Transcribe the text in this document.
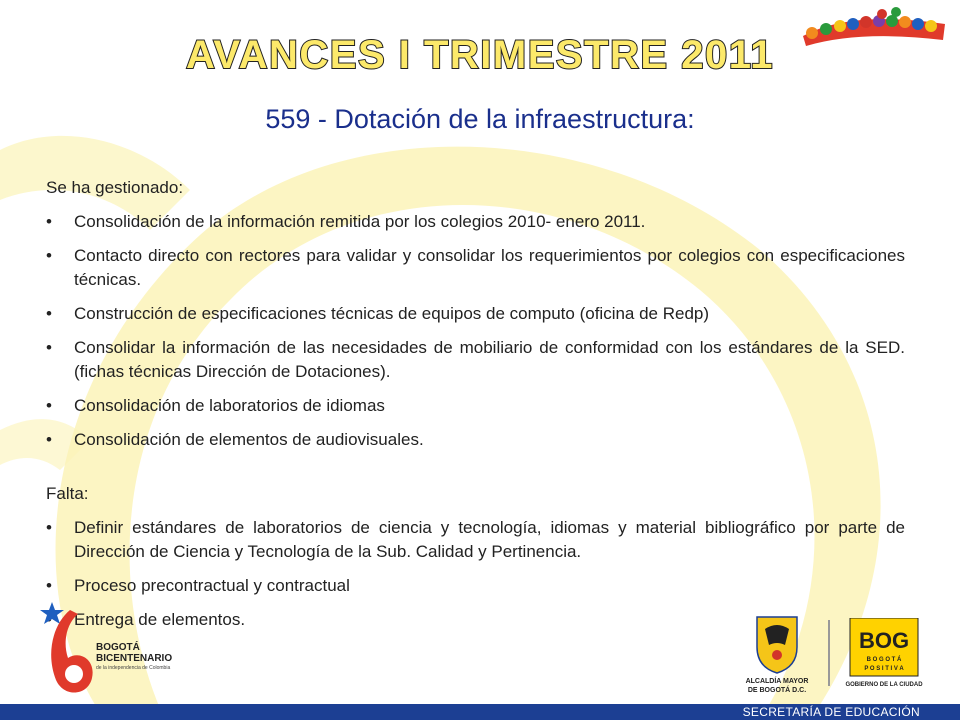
AVANCES I TRIMESTRE 2011
559 - Dotación de la infraestructura:

Se ha gestionado:

• Consolidación de la información remitida por los colegios 2010- enero 2011.
• Contacto directo con rectores para validar y consolidar los requerimientos por colegios con especificaciones técnicas.
• Construcción de especificaciones técnicas de equipos de computo (oficina de Redp)
• Consolidar la información de las necesidades de mobiliario de conformidad con los estándares de la SED. (fichas técnicas Dirección de Dotaciones).
• Consolidación de laboratorios de idiomas
• Consolidación de elementos de audiovisuales.

Falta:

• Definir estándares de laboratorios de ciencia y tecnología, idiomas y material bibliográfico por parte de Dirección de Ciencia y Tecnología de la Sub. Calidad y Pertinencia.
• Proceso precontractual y contractual
Entrega de elementos.
BOGOTÁ
BICENTENARIO
de la independencia de Colombia
ALCALDÍA MAYOR
DE BOGOTÁ D.C.
BOG
B O G O T Á
P O S I T I V A
GOBIERNO DE LA CIUDAD
SECRETARÍA DE EDUCACIÓN
